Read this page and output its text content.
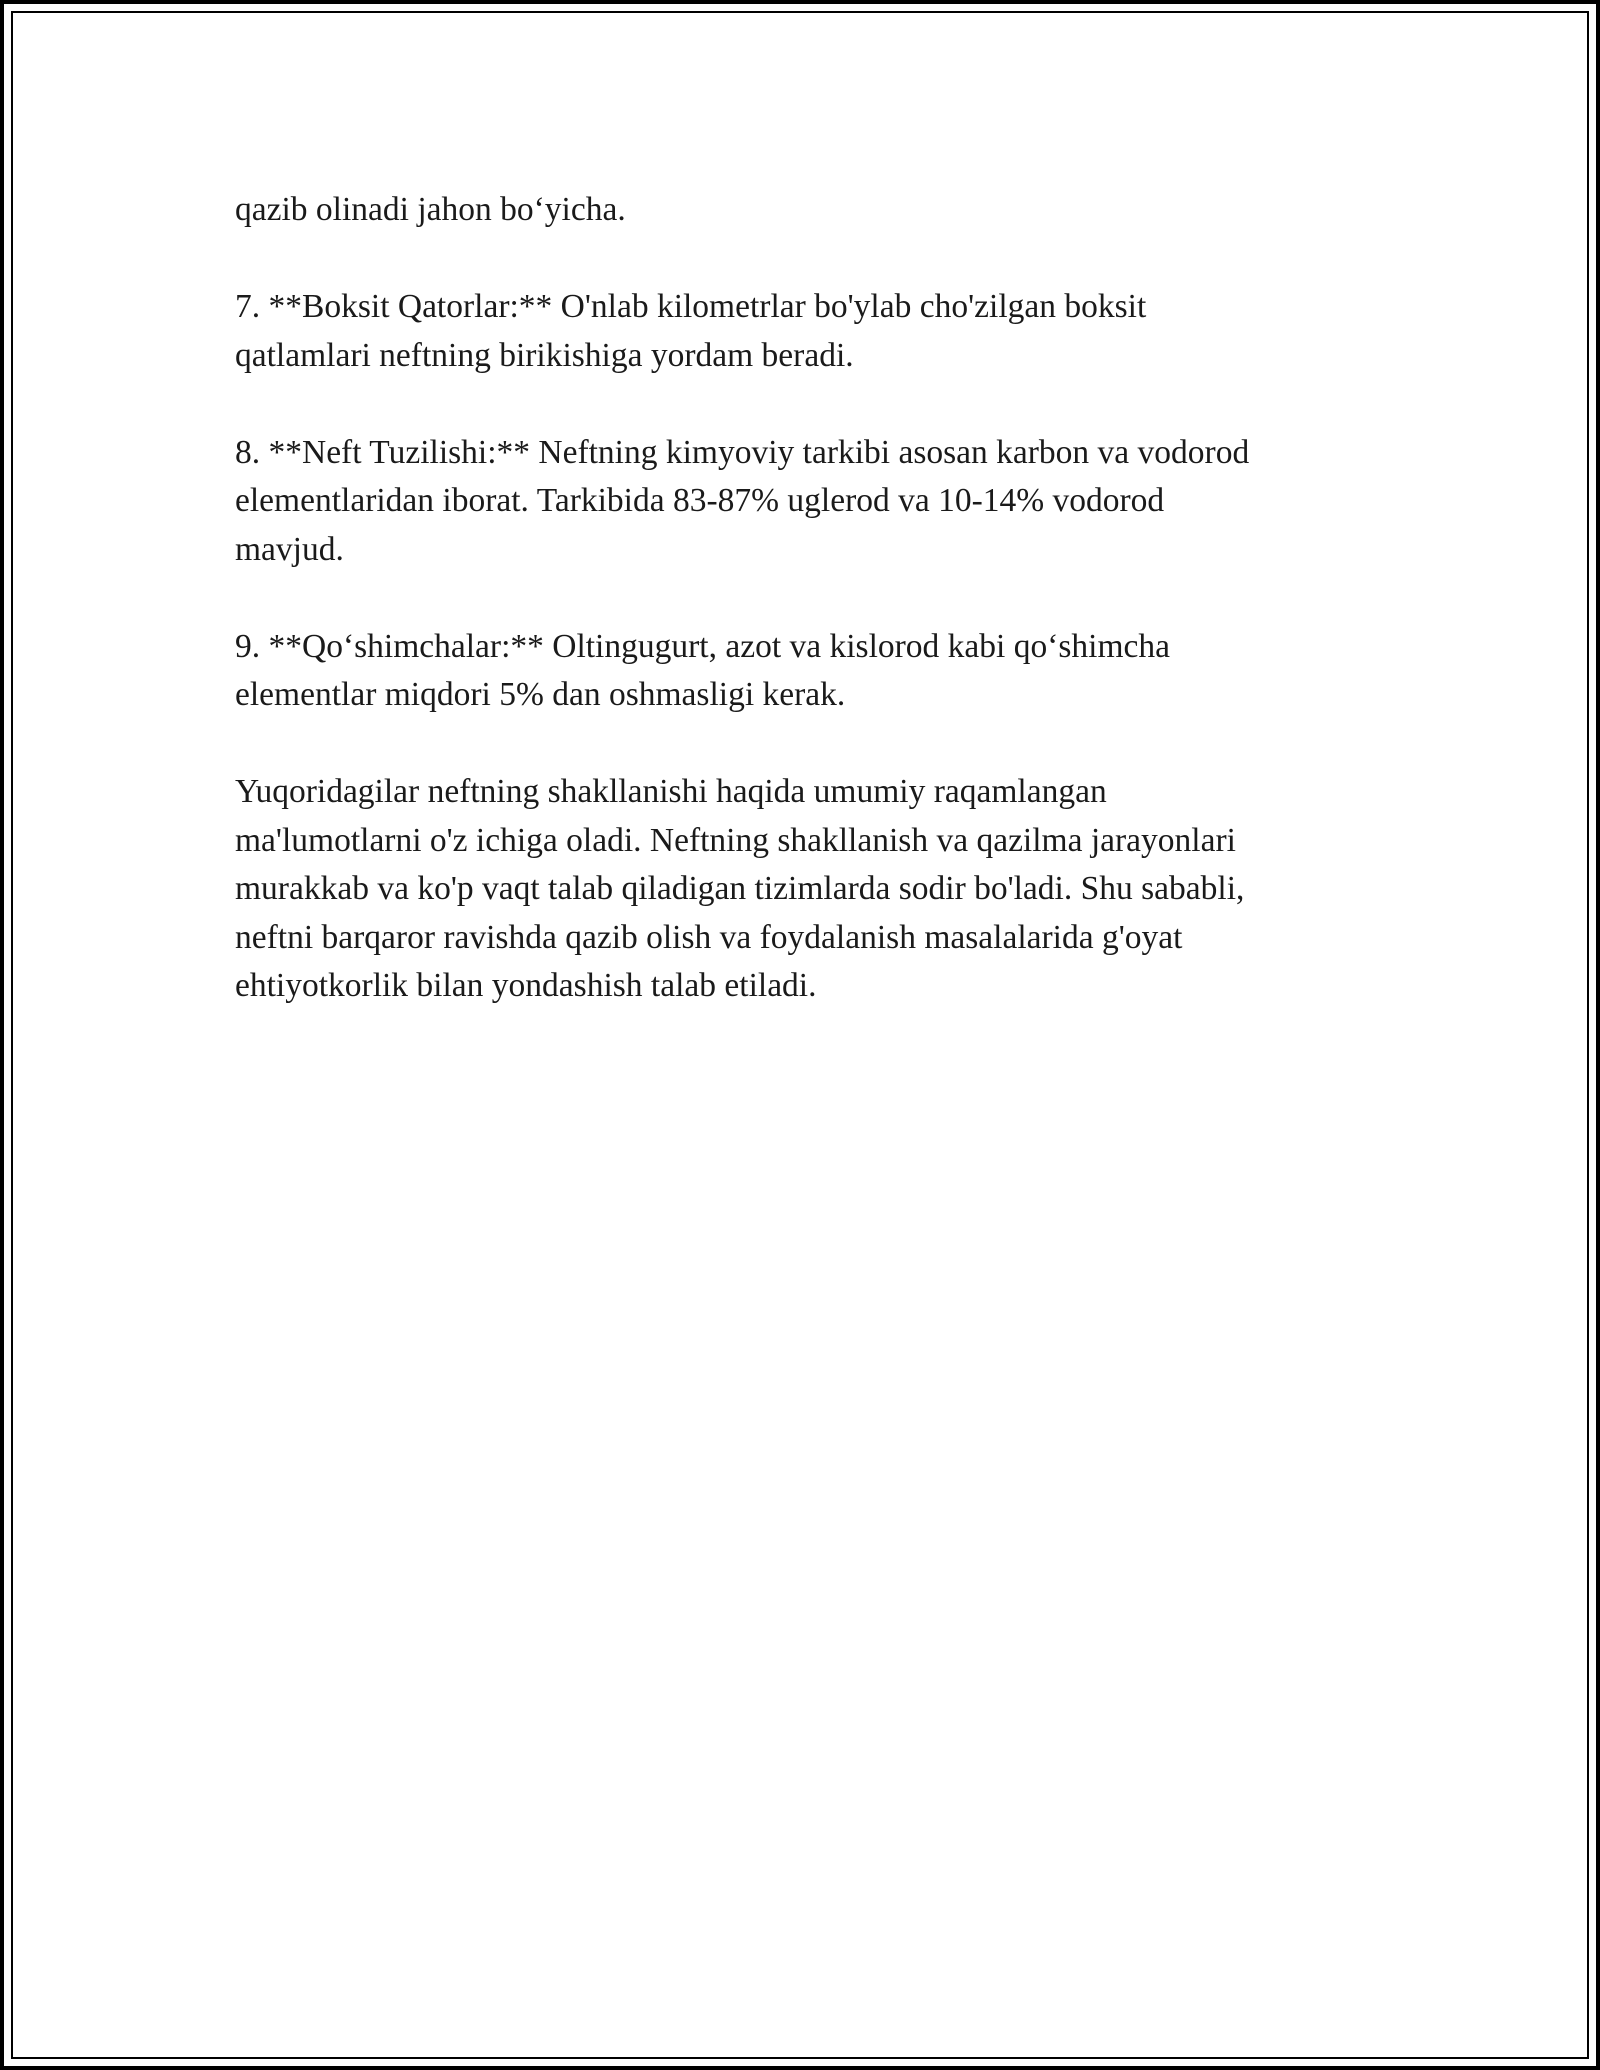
qazib olinadi jahon bo‘yicha.

7. **Boksit Qatorlar:** O'nlab kilometrlar bo'ylab cho'zilgan boksit
qatlamlari neftning birikishiga yordam beradi.

8. **Neft Tuzilishi:** Neftning kimyoviy tarkibi asosan karbon va vodorod
elementlaridan iborat. Tarkibida 83-87% uglerod va 10-14% vodorod
mavjud.

9. **Qo‘shimchalar:** Oltingugurt, azot va kislorod kabi qo‘shimcha
elementlar miqdori 5% dan oshmasligi kerak.

Yuqoridagilar neftning shakllanishi haqida umumiy raqamlangan
ma'lumotlarni o'z ichiga oladi. Neftning shakllanish va qazilma jarayonlari
murakkab va ko'p vaqt talab qiladigan tizimlarda sodir bo'ladi. Shu sababli,
neftni barqaror ravishda qazib olish va foydalanish masalalarida g'oyat
ehtiyotkorlik bilan yondashish talab etiladi.
